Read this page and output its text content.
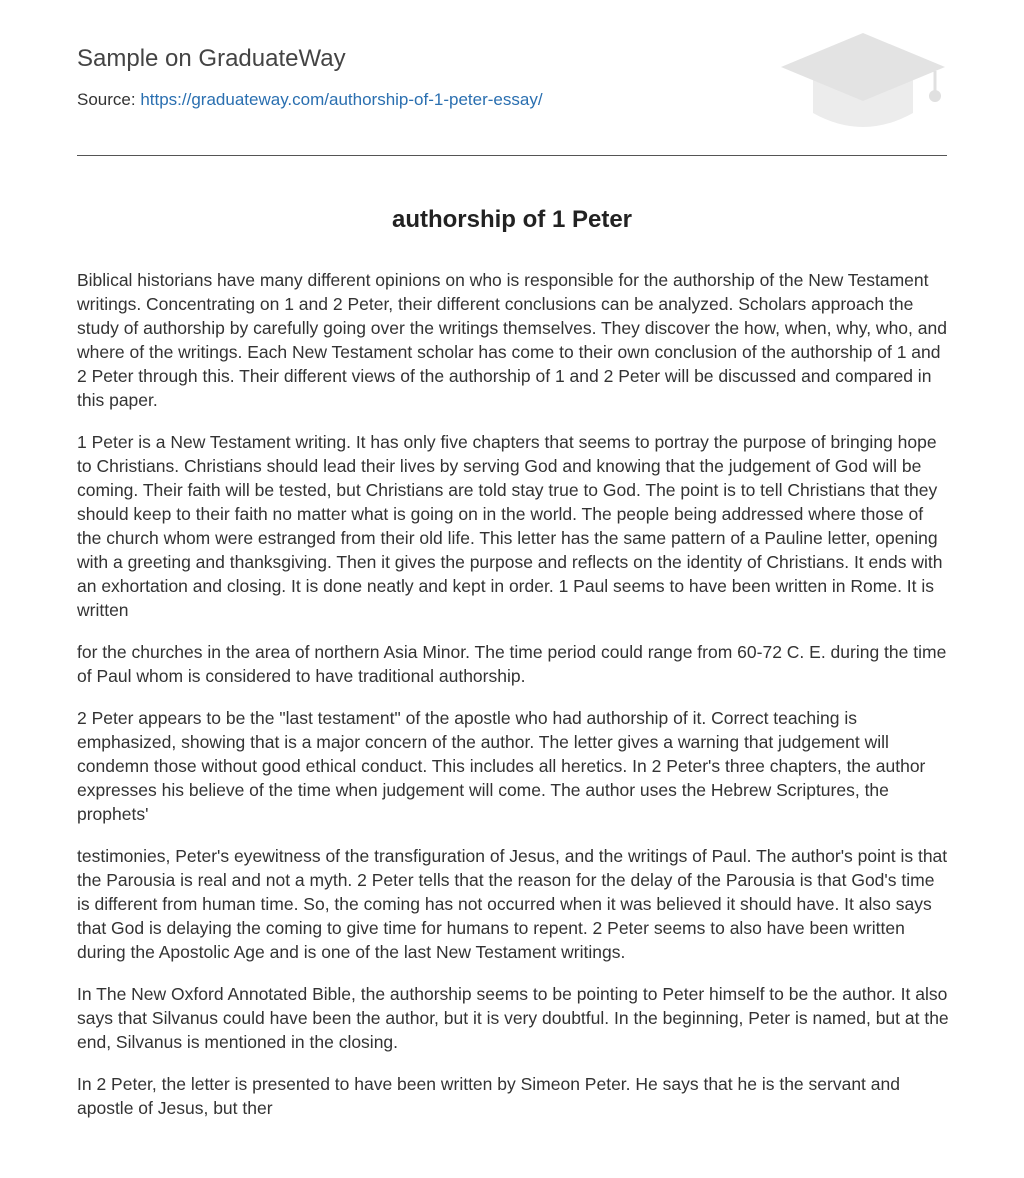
Sample on GraduateWay
Source: https://graduateway.com/authorship-of-1-peter-essay/
authorship of 1 Peter

Biblical historians have many different opinions on who is responsible for the authorship of the New Testament writings. Concentrating on 1 and 2 Peter, their different conclusions can be analyzed. Scholars approach the study of authorship by carefully going over the writings themselves. They discover the how, when, why, who, and where of the writings. Each New Testament scholar has come to their own conclusion of the authorship of 1 and 2 Peter through this. Their different views of the authorship of 1 and 2 Peter will be discussed and compared in this paper.

1 Peter is a New Testament writing. It has only five chapters that seems to portray the purpose of bringing hope to Christians. Christians should lead their lives by serving God and knowing that the judgement of God will be coming. Their faith will be tested, but Christians are told stay true to God. The point is to tell Christians that they should keep to their faith no matter what is going on in the world. The people being addressed where those of the church whom were estranged from their old life. This letter has the same pattern of a Pauline letter, opening with a greeting and thanksgiving. Then it gives the purpose and reflects on the identity of Christians. It ends with an exhortation and closing. It is done neatly and kept in order. 1 Paul seems to have been written in Rome. It is written

for the churches in the area of northern Asia Minor. The time period could range from 60-72 C. E. during the time of Paul whom is considered to have traditional authorship.

2 Peter appears to be the "last testament" of the apostle who had authorship of it. Correct teaching is emphasized, showing that is a major concern of the author. The letter gives a warning that judgement will condemn those without good ethical conduct. This includes all heretics. In 2 Peter's three chapters, the author expresses his believe of the time when judgement will come. The author uses the Hebrew Scriptures, the prophets'

testimonies, Peter's eyewitness of the transfiguration of Jesus, and the writings of Paul. The author's point is that the Parousia is real and not a myth. 2 Peter tells that the reason for the delay of the Parousia is that God's time is different from human time. So, the coming has not occurred when it was believed it should have. It also says that God is delaying the coming to give time for humans to repent. 2 Peter seems to also have been written during the Apostolic Age and is one of the last New Testament writings.

In The New Oxford Annotated Bible, the authorship seems to be pointing to Peter himself to be the author. It also says that Silvanus could have been the author, but it is very doubtful. In the beginning, Peter is named, but at the end, Silvanus is mentioned in the closing.

In 2 Peter, the letter is presented to have been written by Simeon Peter. He says that he is the servant and apostle of Jesus, but ther
